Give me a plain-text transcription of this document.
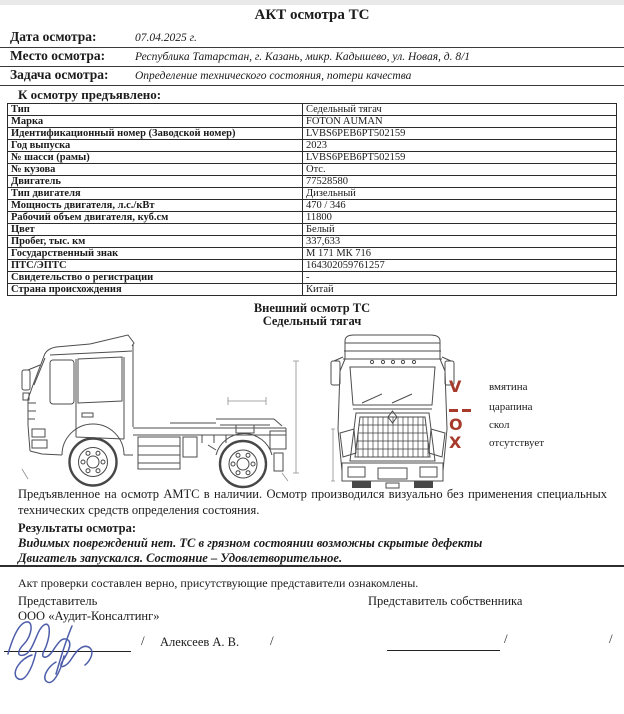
АКТ осмотра ТС
Дата осмотра:	07.04.2025 г.
Место осмотра:	Республика Татарстан, г. Казань, микр. Кадышево, ул. Новая, д. 8/1
Задача осмотра: Определение технического состояния, потери качества
К осмотру предъявлено:
Тип	Седельный тягач
Марка	FOTON AUMAN
Идентификационный номер (Заводской номер)	LVBS6PEB6PT502159
Год выпуска	2023
№ шасси (рамы)	LVBS6PEB6PT502159
№ кузова	Отс.
Двигатель	77528580
Тип двигателя	Дизельный
Мощность двигателя, л.с./кВт	470 / 346
Рабочий объем двигателя, куб.см	11800
Цвет	Белый
Пробег, тыс. км	337,633
Государственный знак	М 171 МК 716
ПТС/ЭПТС	164302059761257
Свидетельство о регистрации	-
Страна происхождения	Китай
Внешний осмотр ТС
Седельный тягач
V	вмятина
царапина
O	скол
X	отсутствует
Предъявленное на осмотр АМТС в наличии. Осмотр производился визуально без применения специальных технических средств определения состояния.
Результаты осмотра:
Видимых повреждений нет. ТС в грязном состоянии возможны скрытые дефекты Двигатель запускался. Состояние – Удовлетворительное.
Акт проверки составлен верно, присутствующие представители ознакомлены.
Представитель
ООО «Аудит-Консалтинг»
Представитель собственника
/ Алексеев А. В. /	/	/
